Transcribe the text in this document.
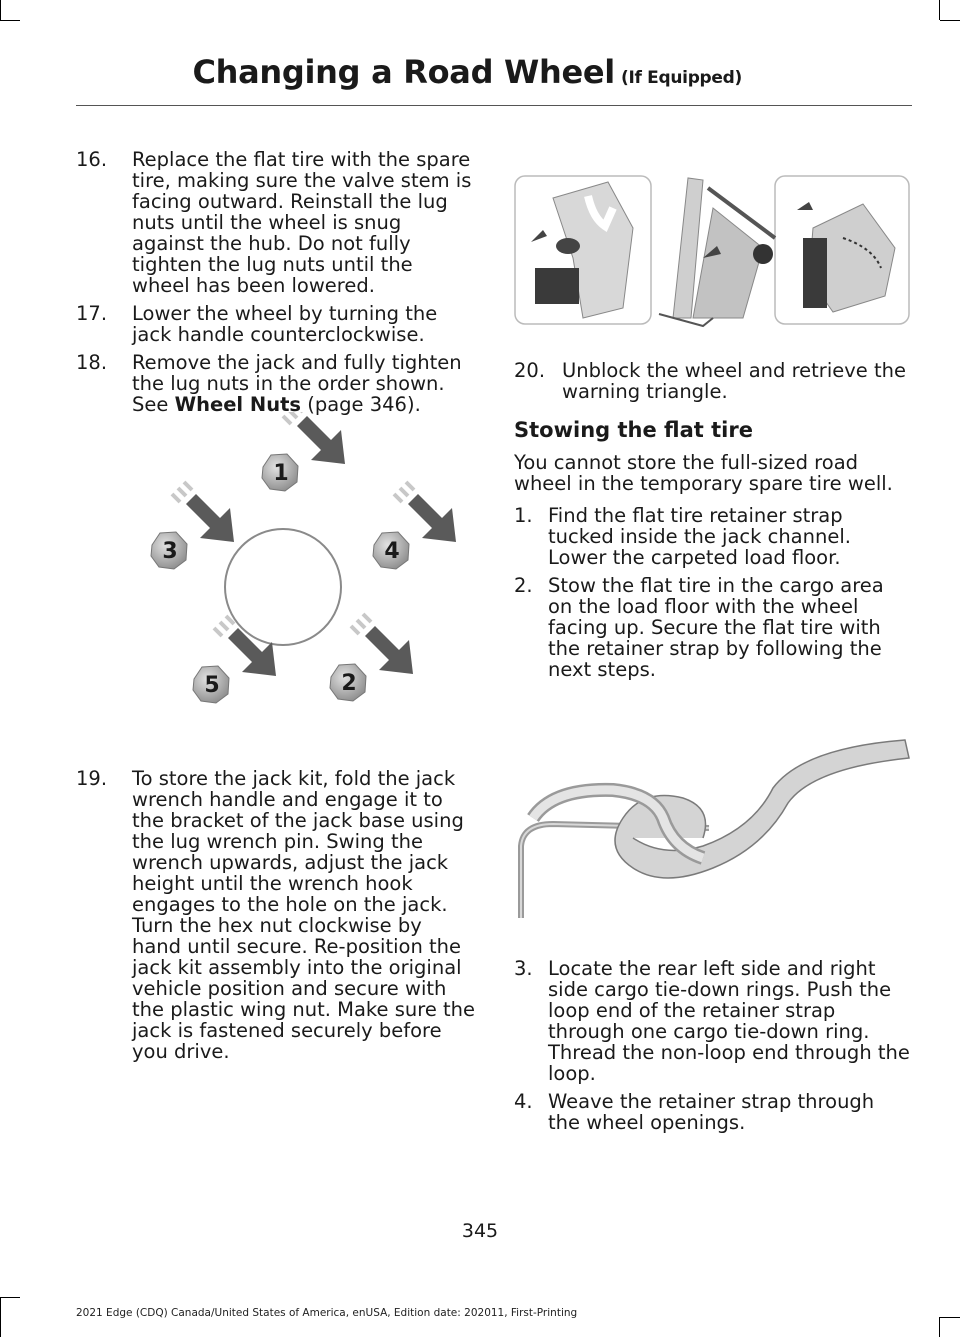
Changing a Road Wheel (If Equipped)
16. Replace the flat tire with the spare tire, making sure the valve stem is facing outward. Reinstall the lug nuts until the wheel is snug against the hub. Do not fully tighten the lug nuts until the wheel has been lowered.
17. Lower the wheel by turning the jack handle counterclockwise.
18. Remove the jack and fully tighten the lug nuts in the order shown. See Wheel Nuts (page 346).
1
4
3
5	2
19. To store the jack kit, fold the jack wrench handle and engage it to the bracket of the jack base using the lug wrench pin. Swing the wrench upwards, adjust the jack height until the wrench hook engages to the hole on the jack. Turn the hex nut clockwise by hand until secure. Re-position the jack kit assembly into the original vehicle position and secure with the plastic wing nut. Make sure the jack is fastened securely before you drive.
20. Unblock the wheel and retrieve the warning triangle.
Stowing the flat tire
You cannot store the full-sized road wheel in the temporary spare tire well.
1. Find the flat tire retainer strap tucked inside the jack channel. Lower the carpeted load floor.
2. Stow the flat tire in the cargo area on the load floor with the wheel facing up. Secure the flat tire with the retainer strap by following the next steps.
3. Locate the rear left side and right side cargo tie-down rings. Push the loop end of the retainer strap through one cargo tie-down ring. Thread the non-loop end through the loop.
4. Weave the retainer strap through the wheel openings.
345
2021 Edge (CDQ) Canada/United States of America, enUSA, Edition date: 202011, First-Printing
